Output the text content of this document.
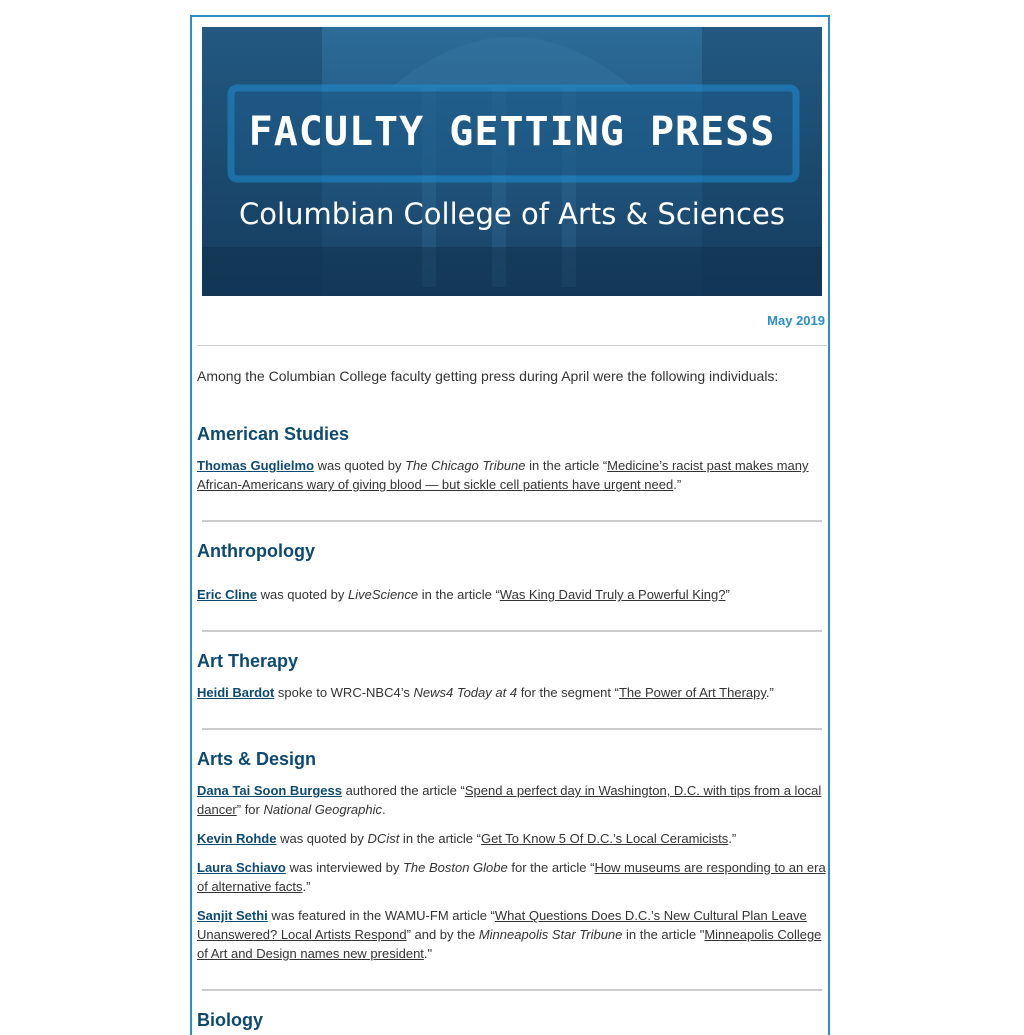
FACULTY GETTING PRESS
Columbian College of Arts & Sciences
May 2019

Among the Columbian College faculty getting press during April were the following individuals:

American Studies

Thomas Guglielmo was quoted by The Chicago Tribune in the article “Medicine’s racist past makes many African-Americans wary of giving blood — but sickle cell patients have urgent need.”

Anthropology

Eric Cline was quoted by LiveScience in the article “Was King David Truly a Powerful King?”

Art Therapy

Heidi Bardot spoke to WRC-NBC4’s News4 Today at 4 for the segment “The Power of Art Therapy.”

Arts & Design

Dana Tai Soon Burgess authored the article “Spend a perfect day in Washington, D.C. with tips from a local dancer” for National Geographic.

Kevin Rohde was quoted by DCist in the article “Get To Know 5 Of D.C.’s Local Ceramicists.”

Laura Schiavo was interviewed by The Boston Globe for the article “How museums are responding to an era of alternative facts.”

Sanjit Sethi was featured in the WAMU-FM article “What Questions Does D.C.’s New Cultural Plan Leave Unanswered? Local Artists Respond” and by the Minneapolis Star Tribune in the article "Minneapolis College of Art and Design names new president."

Biology
